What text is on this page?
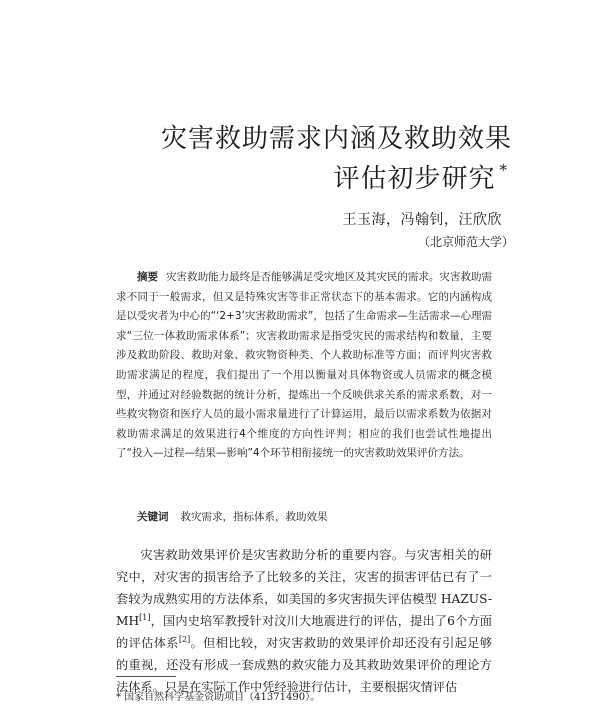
灾害救助需求内涵及救助效果
评估初步研究 *
王玉海，冯翰钊，汪欣欣
（北京师范大学）

摘要 灾害救助能力最终是否能够满足受灾地区及其灾民的需求。灾害救助需求不同于一般需求，但又是特殊灾害等非正常状态下的基本需求。它的内涵构成是以受灾者为中心的“‘2+3’灾害救助需求”，包括了生命需求—生活需求—心理需求“三位一体救助需求体系”；灾害救助需求是指受灾民的需求结构和数量，主要涉及救助阶段、救助对象、救灾物资种类、个人救助标准等方面；而评判灾害救助需求满足的程度，我们提出了一个用以衡量对具体物资或人员需求的概念模型，并通过对经验数据的统计分析，提炼出一个反映供求关系的需求系数，对一些救灾物资和医疗人员的最小需求量进行了计算运用，最后以需求系数为依据对救助需求满足的效果进行4个维度的方向性评判；相应的我们也尝试性地提出了“投入—过程—结果—影响”4个环节相衔接统一的灾害救助效果评价方法。

关键词 救灾需求，指标体系，救助效果

灾害救助效果评价是灾害救助分析的重要内容。与灾害相关的研究中，对灾害的损害给予了比较多的关注，灾害的损害评估已有了一套较为成熟实用的方法体系，如美国的多灾害损失评估模型 HAZUS-MH[1]，国内史培军教授针对汶川大地震进行的评估，提出了6个方面的评估体系[2]。但相比较，对灾害救助的效果评价却还没有引起足够的重视，还没有形成一套成熟的救灾能力及其救助效果评价的理论方法体系。只是在实际工作中凭经验进行估计，主要根据灾情评估

* 国家自然科学基金资助项目（41371490）。
